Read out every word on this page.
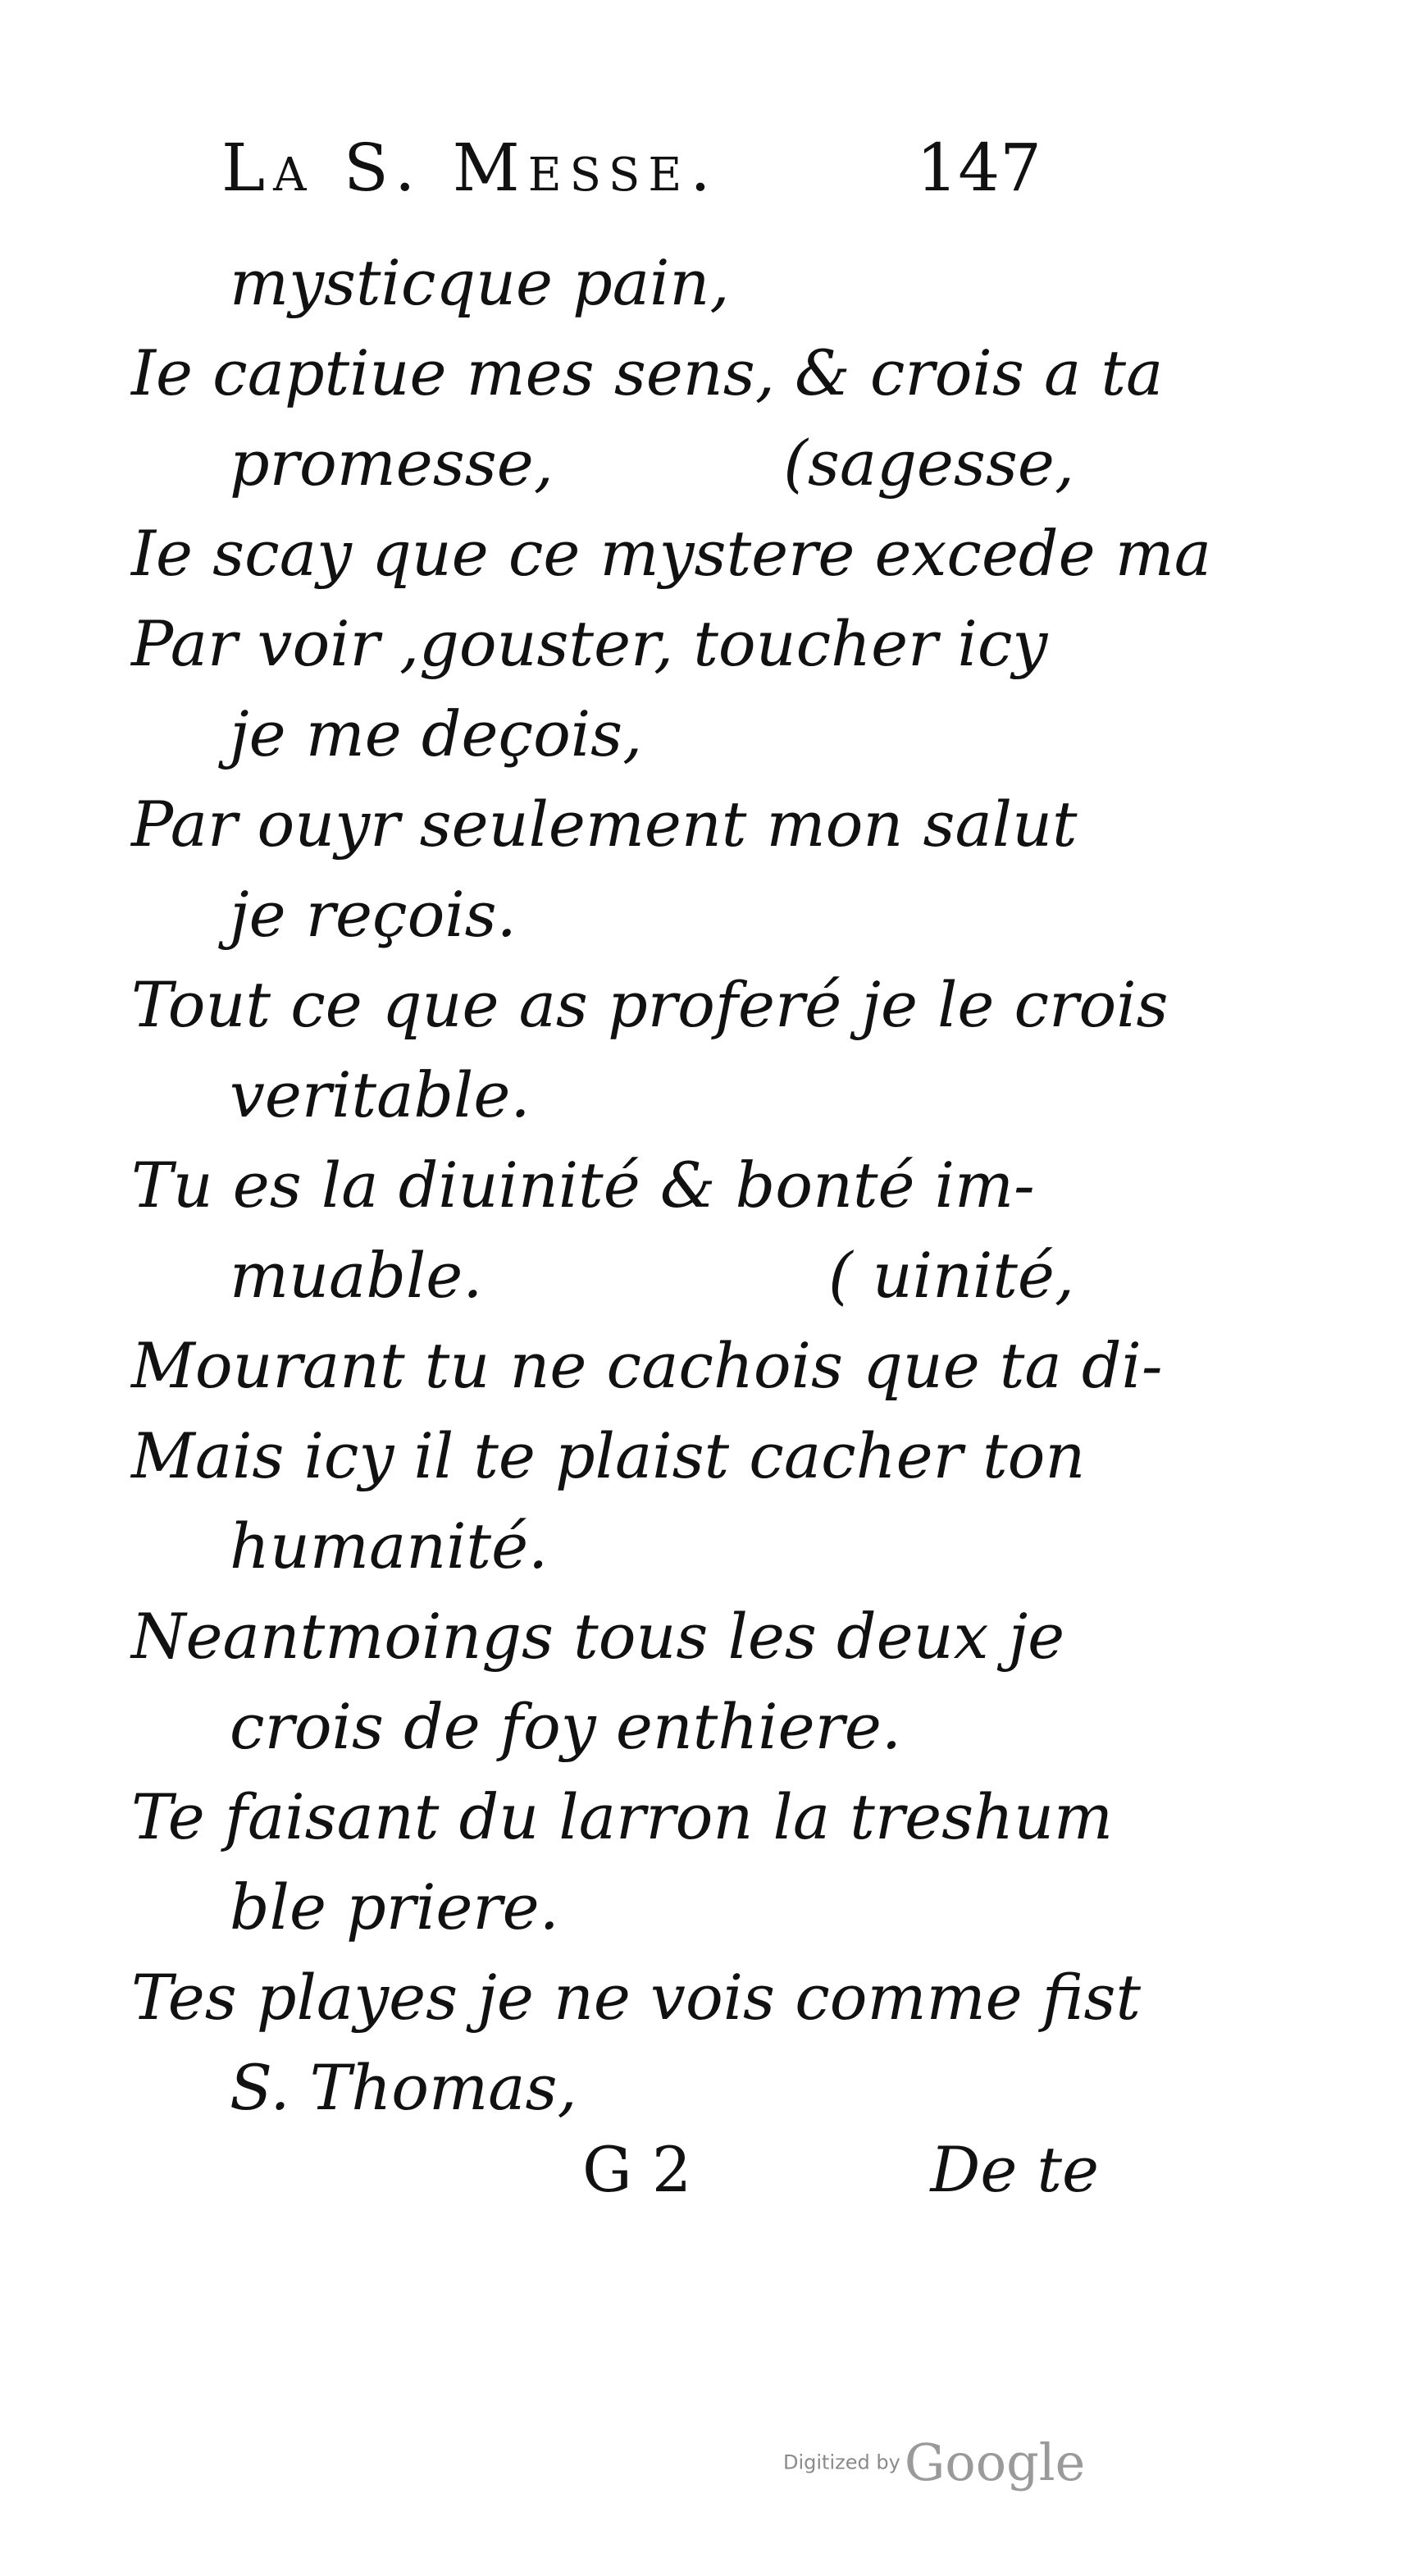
La S. Messe.	147
mysticque pain,
Ie captiue mes sens, & crois a ta
promesse,	(sagesse,
Ie scay que ce mystere excede ma
Par voir ,gouster, toucher icy
je me deçois,
Par ouyr seulement mon salut
je reçois.
Tout ce que as proferé je le crois
veritable.
Tu es la diuinité & bonté im-
muable.	( uinité,
Mourant tu ne cachois que ta di-
Mais icy il te plaist cacher ton
humanité.
Neantmoings tous les deux je
crois de foy enthiere.
Te faisant du larron la treshum
ble priere.
Tes playes je ne vois comme fist
S. Thomas,
G 2	De te
Digitized by Google
